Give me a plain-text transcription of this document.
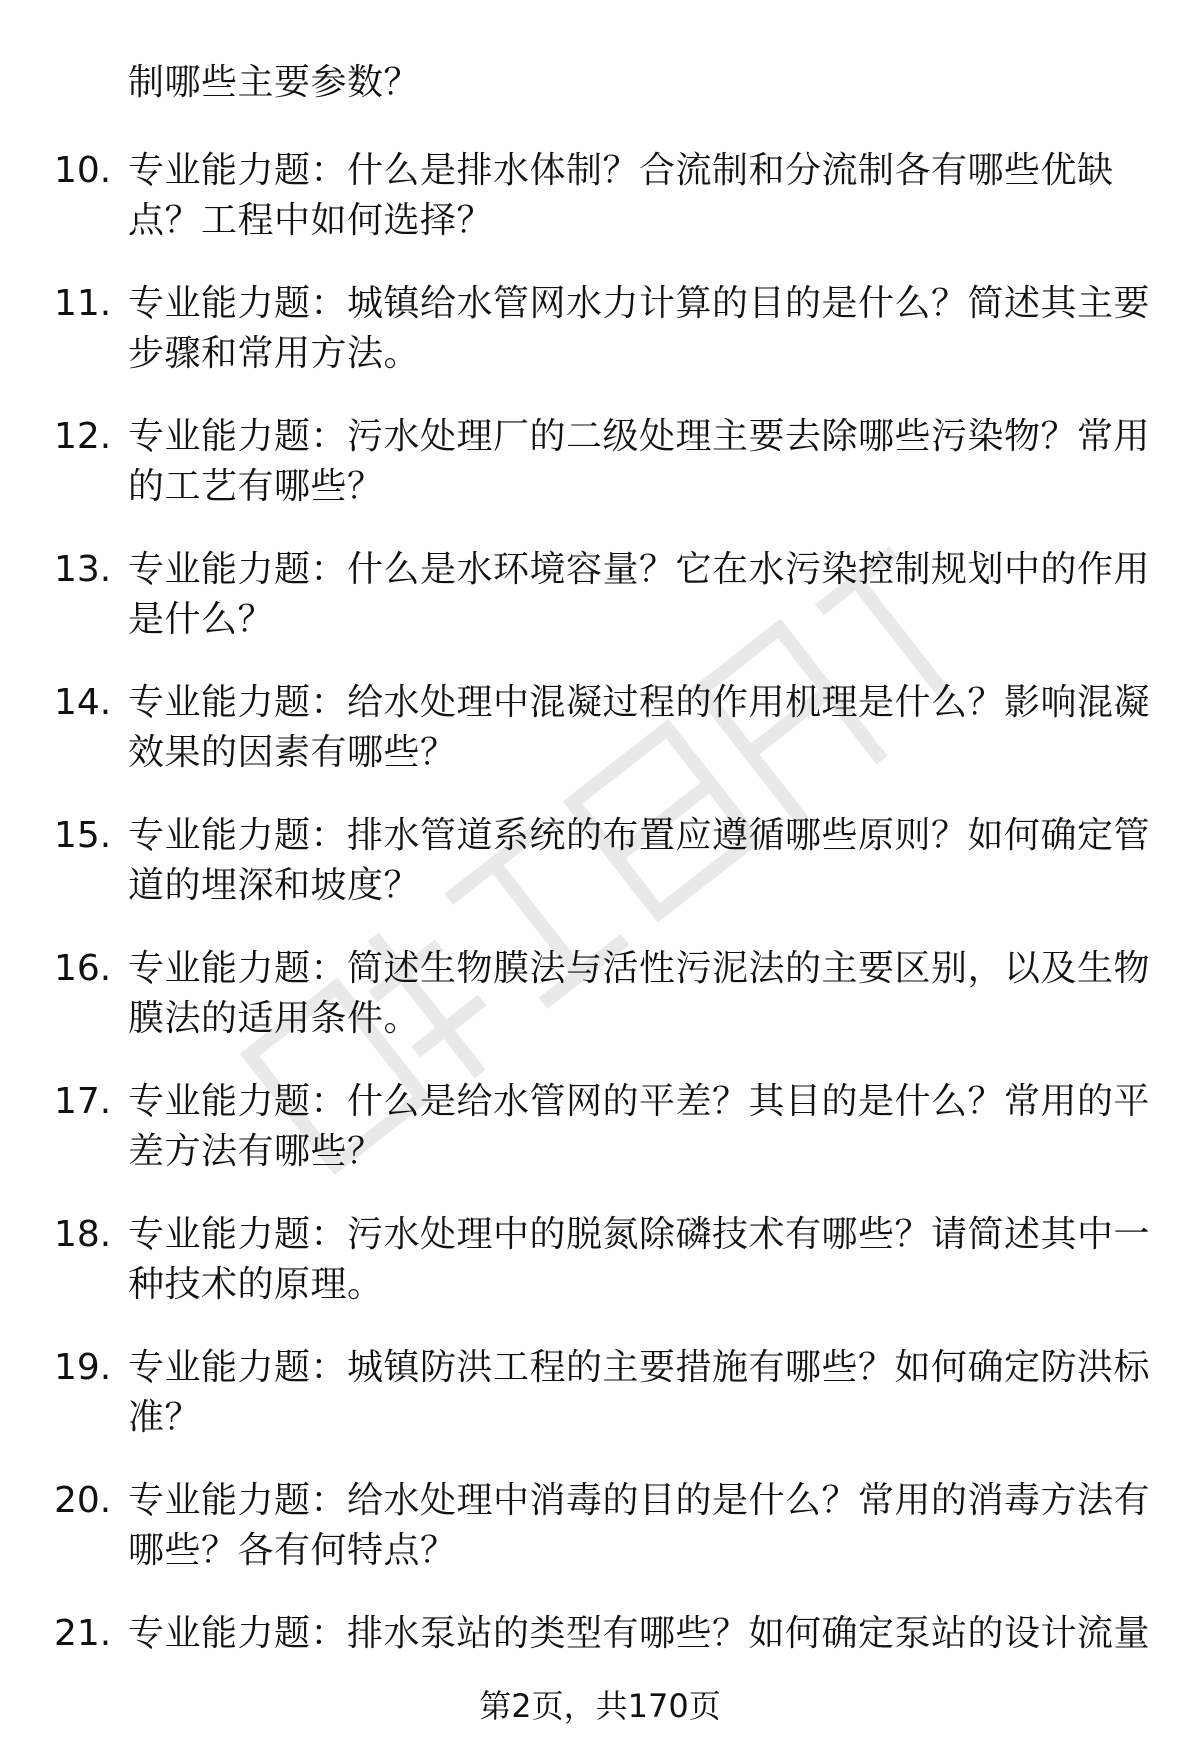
制哪些主要参数？
10. 专业能力题：什么是排水体制？合流制和分流制各有哪些优缺点？工程中如何选择？
11. 专业能力题：城镇给水管网水力计算的目的是什么？简述其主要步骤和常用方法。
12. 专业能力题：污水处理厂的二级处理主要去除哪些污染物？常用的工艺有哪些？
13. 专业能力题：什么是水环境容量？它在水污染控制规划中的作用是什么？
14. 专业能力题：给水处理中混凝过程的作用机理是什么？影响混凝效果的因素有哪些？
15. 专业能力题：排水管道系统的布置应遵循哪些原则？如何确定管道的埋深和坡度？
16. 专业能力题：简述生物膜法与活性污泥法的主要区别，以及生物膜法的适用条件。
17. 专业能力题：什么是给水管网的平差？其目的是什么？常用的平差方法有哪些？
18. 专业能力题：污水处理中的脱氮除磷技术有哪些？请简述其中一种技术的原理。
19. 专业能力题：城镇防洪工程的主要措施有哪些？如何确定防洪标准？
20. 专业能力题：给水处理中消毒的目的是什么？常用的消毒方法有哪些？各有何特点？
21. 专业能力题：排水泵站的类型有哪些？如何确定泵站的设计流量
第2页，共170页
